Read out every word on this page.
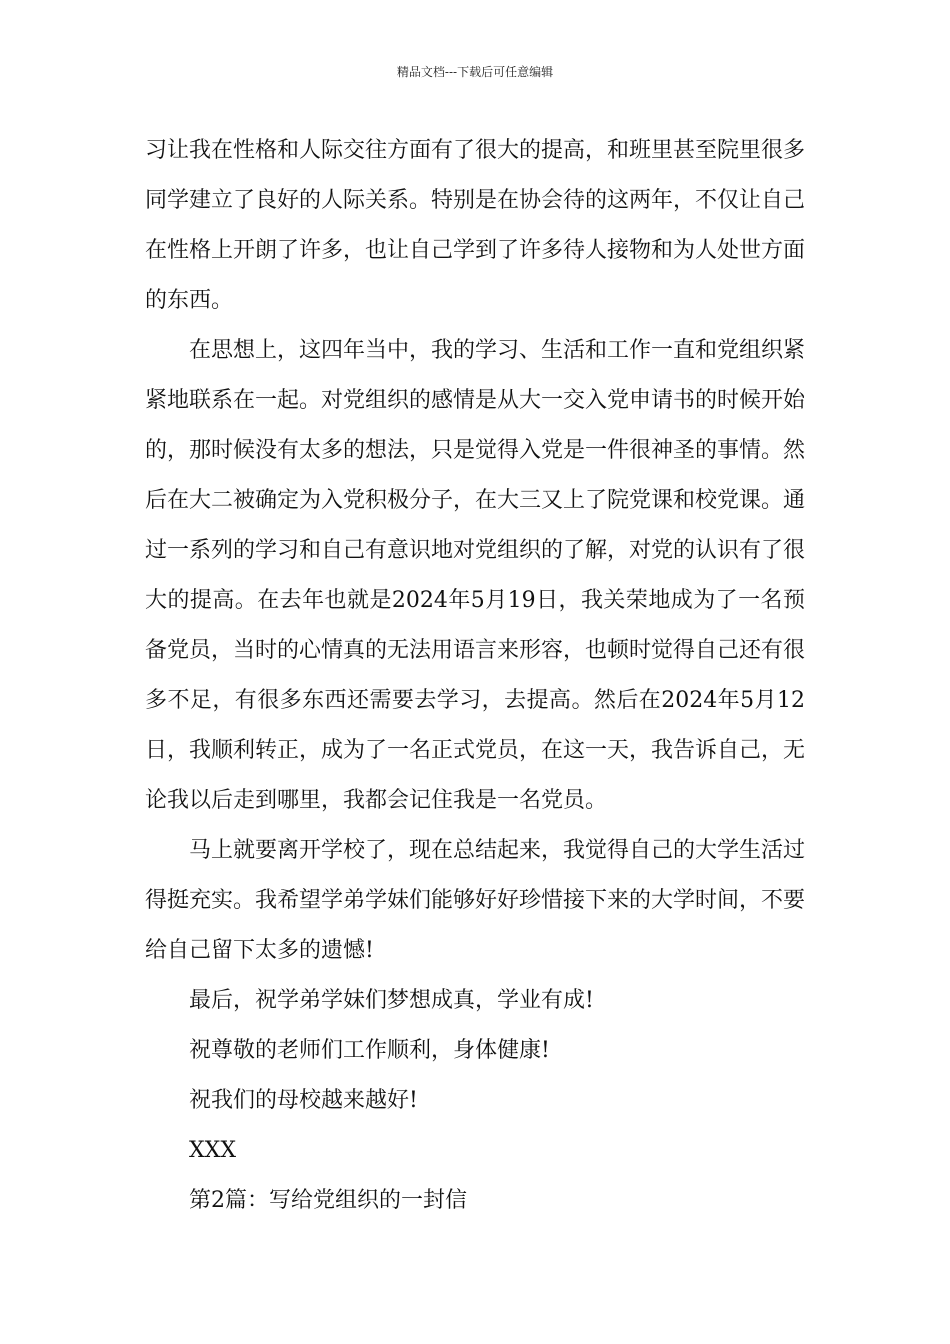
精品文档---下载后可任意编辑

习让我在性格和人际交往方面有了很大的提高，和班里甚至院里很多同学建立了良好的人际关系。特别是在协会待的这两年，不仅让自己在性格上开朗了许多，也让自己学到了许多待人接物和为人处世方面的东西。

在思想上，这四年当中，我的学习、生活和工作一直和党组织紧紧地联系在一起。对党组织的感情是从大一交入党申请书的时候开始的，那时候没有太多的想法，只是觉得入党是一件很神圣的事情。然后在大二被确定为入党积极分子，在大三又上了院党课和校党课。通过一系列的学习和自己有意识地对党组织的了解，对党的认识有了很大的提高。在去年也就是2024年5月19日，我关荣地成为了一名预备党员，当时的心情真的无法用语言来形容，也顿时觉得自己还有很多不足，有很多东西还需要去学习，去提高。然后在2024年5月12日，我顺利转正，成为了一名正式党员，在这一天，我告诉自己，无论我以后走到哪里，我都会记住我是一名党员。

马上就要离开学校了，现在总结起来，我觉得自己的大学生活过得挺充实。我希望学弟学妹们能够好好珍惜接下来的大学时间，不要给自己留下太多的遗憾!

最后，祝学弟学妹们梦想成真，学业有成!

祝尊敬的老师们工作顺利，身体健康!

祝我们的母校越来越好!

XXX

第2篇：写给党组织的一封信
